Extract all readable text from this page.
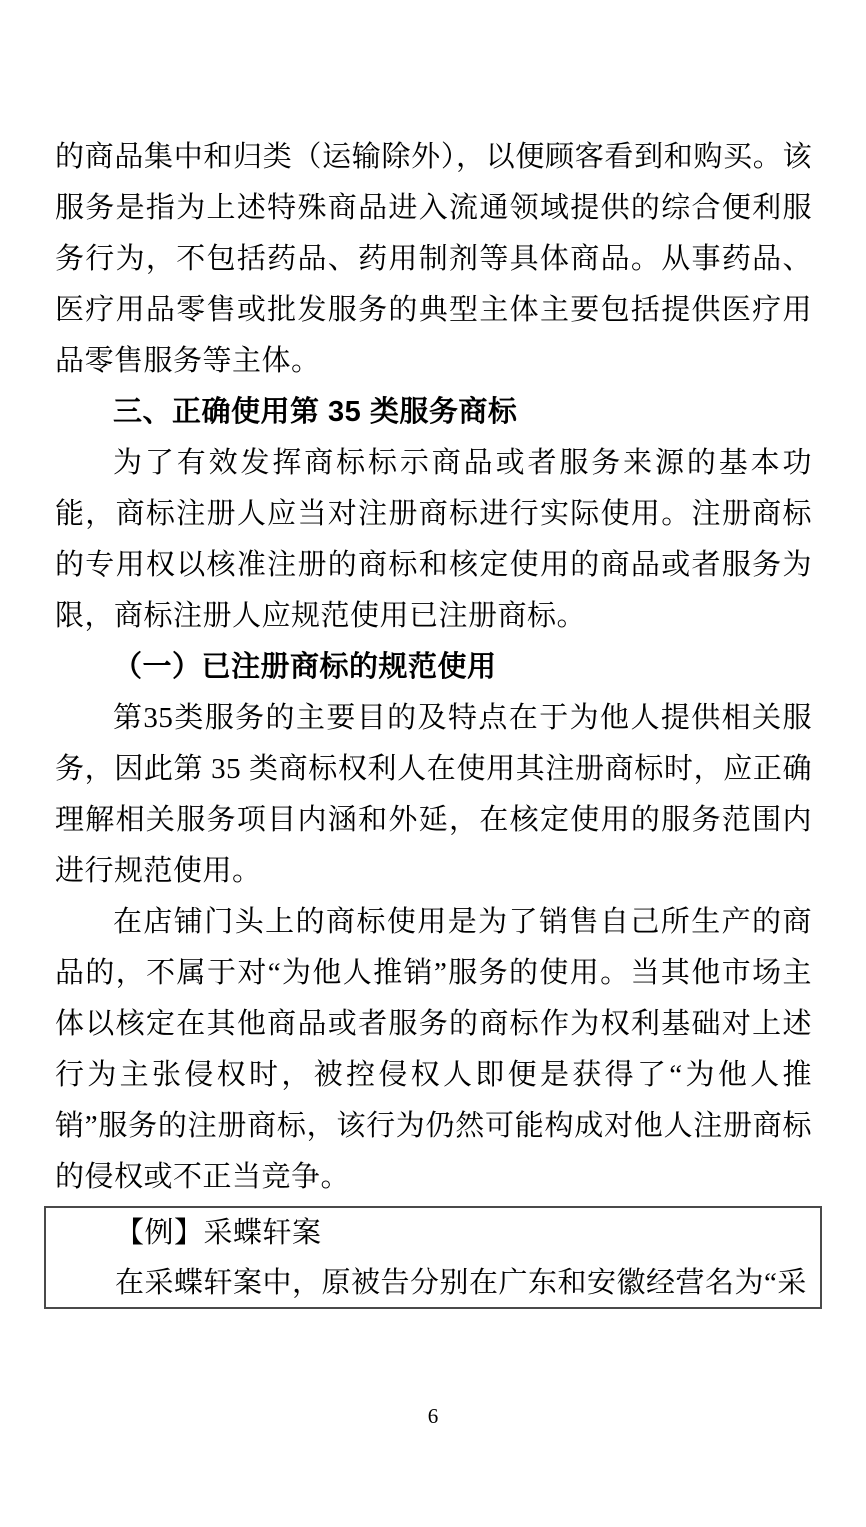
的商品集中和归类（运输除外），以便顾客看到和购买。该服务是指为上述特殊商品进入流通领域提供的综合便利服务行为，不包括药品、药用制剂等具体商品。从事药品、医疗用品零售或批发服务的典型主体主要包括提供医疗用品零售服务等主体。

三、正确使用第 35 类服务商标

为了有效发挥商标标示商品或者服务来源的基本功能，商标注册人应当对注册商标进行实际使用。注册商标的专用权以核准注册的商标和核定使用的商品或者服务为限，商标注册人应规范使用已注册商标。

（一）已注册商标的规范使用

第35类服务的主要目的及特点在于为他人提供相关服务，因此第 35 类商标权利人在使用其注册商标时，应正确理解相关服务项目内涵和外延，在核定使用的服务范围内进行规范使用。

在店铺门头上的商标使用是为了销售自己所生产的商品的，不属于对“为他人推销”服务的使用。当其他市场主体以核定在其他商品或者服务的商标作为权利基础对上述行为主张侵权时，被控侵权人即便是获得了“为他人推销”服务的注册商标，该行为仍然可能构成对他人注册商标的侵权或不正当竞争。

【例】采蝶轩案

在采蝶轩案中，原被告分别在广东和安徽经营名为“采

6
